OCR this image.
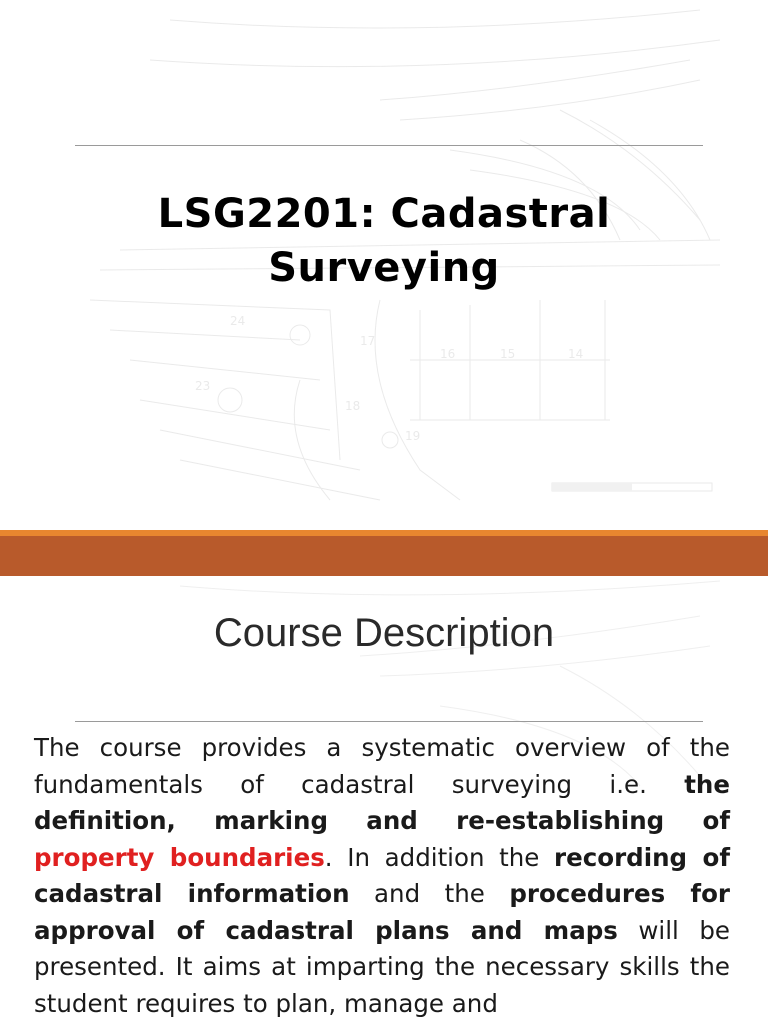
24
17
18
19
16	15	14
23
LSG2201: Cadastral Surveying
Course Description
The course provides a systematic overview of the fundamentals of cadastral surveying i.e. the definition, marking and re-establishing of property boundaries. In addition the recording of cadastral information and the procedures for approval of cadastral plans and maps will be presented. It aims at imparting the necessary skills the student requires to plan, manage and
